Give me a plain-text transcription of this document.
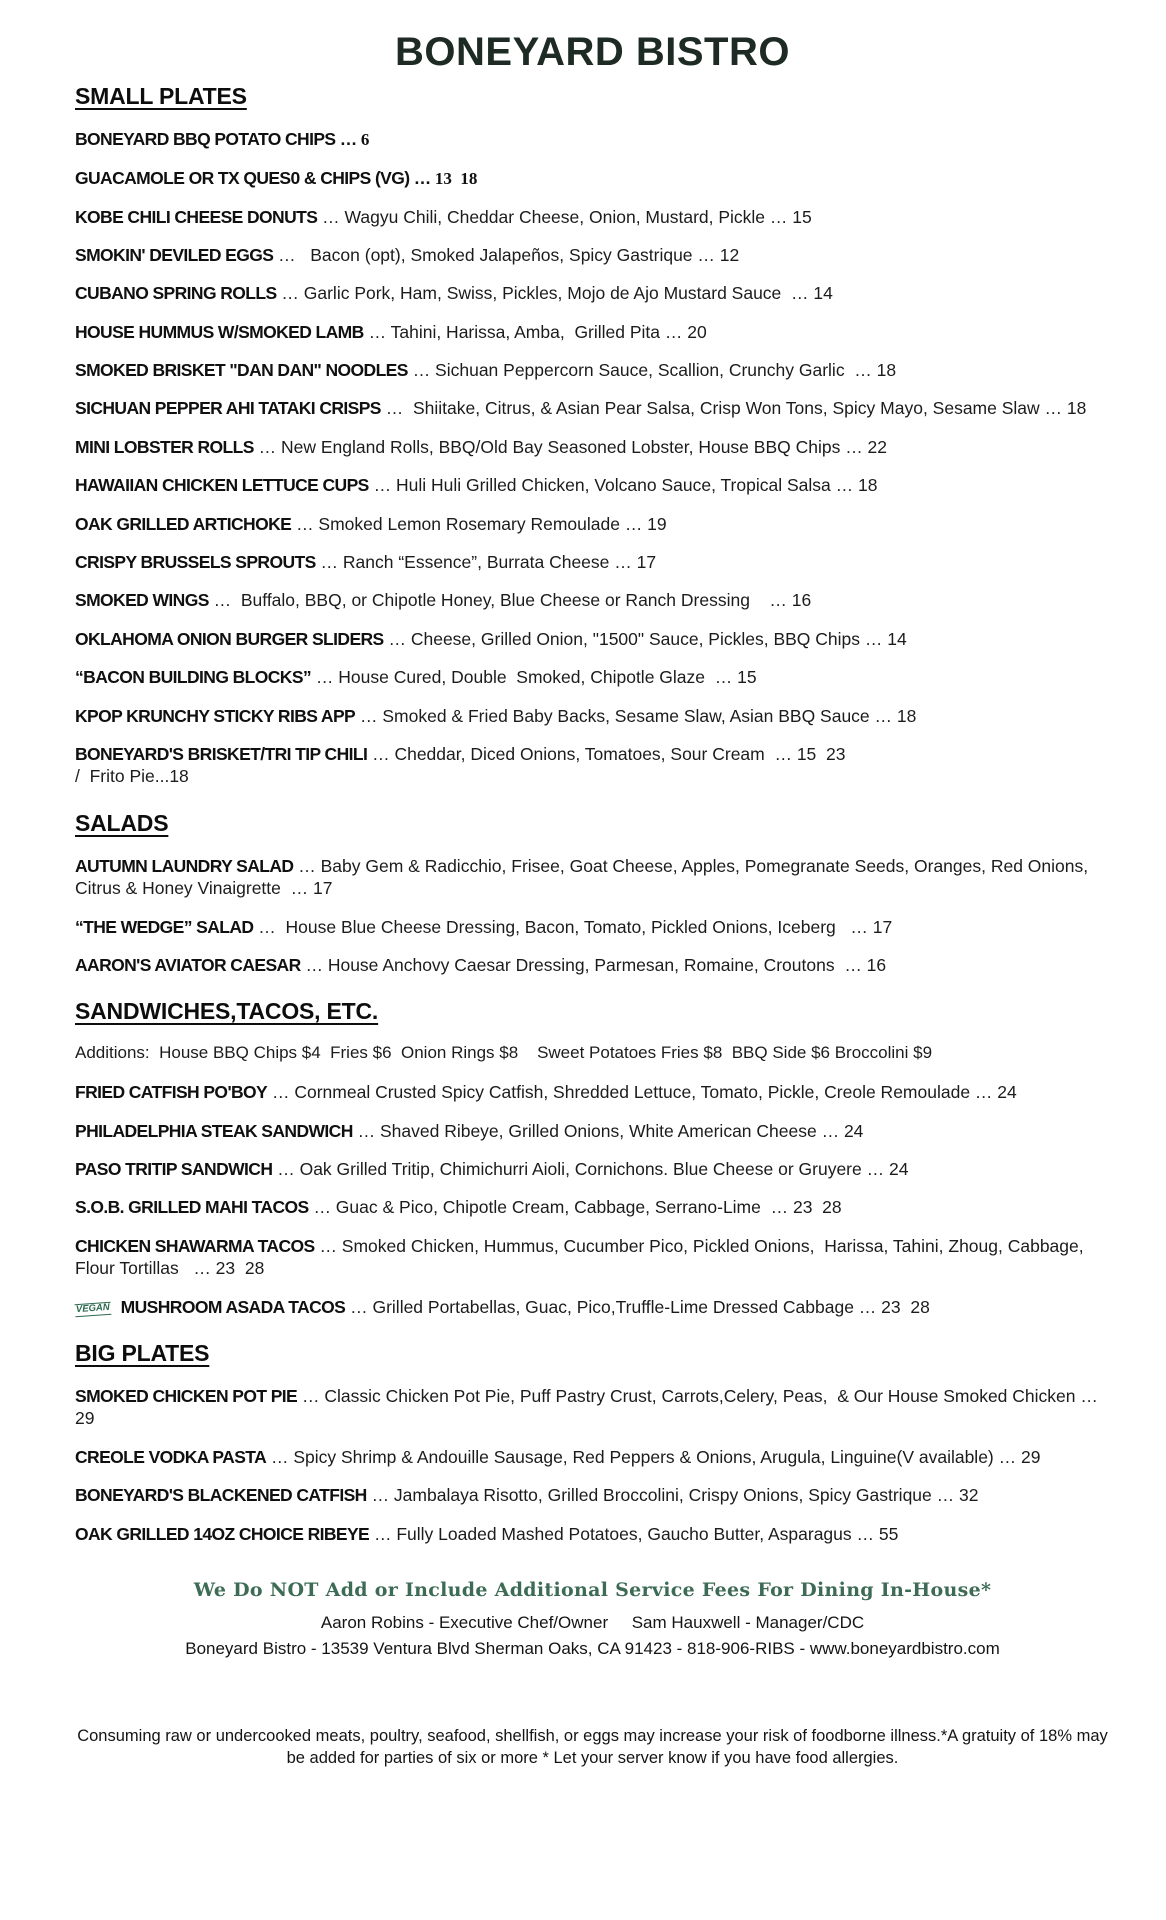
BONEYARD BISTRO
SMALL PLATES
BONEYARD BBQ POTATO CHIPS … 6
GUACAMOLE OR TX QUES0 & CHIPS (VG) … 13  18
KOBE CHILI CHEESE DONUTS … Wagyu Chili, Cheddar Cheese, Onion, Mustard, Pickle … 15
SMOKIN' DEVILED EGGS …   Bacon (opt), Smoked Jalapeños, Spicy Gastrique … 12
CUBANO SPRING ROLLS … Garlic Pork, Ham, Swiss, Pickles, Mojo de Ajo Mustard Sauce  … 14
HOUSE HUMMUS W/SMOKED LAMB … Tahini, Harissa, Amba,  Grilled Pita … 20
SMOKED BRISKET "DAN DAN" NOODLES … Sichuan Peppercorn Sauce, Scallion, Crunchy Garlic  … 18
SICHUAN PEPPER AHI TATAKI CRISPS …  Shiitake, Citrus, & Asian Pear Salsa, Crisp Won Tons, Spicy Mayo, Sesame Slaw … 18
MINI LOBSTER ROLLS … New England Rolls, BBQ/Old Bay Seasoned Lobster, House BBQ Chips … 22
HAWAIIAN CHICKEN LETTUCE CUPS … Huli Huli Grilled Chicken, Volcano Sauce, Tropical Salsa … 18
OAK GRILLED ARTICHOKE … Smoked Lemon Rosemary Remoulade … 19
CRISPY BRUSSELS SPROUTS … Ranch “Essence”, Burrata Cheese … 17
SMOKED WINGS …  Buffalo, BBQ, or Chipotle Honey, Blue Cheese or Ranch Dressing    … 16
OKLAHOMA ONION BURGER SLIDERS … Cheese, Grilled Onion, "1500" Sauce, Pickles, BBQ Chips … 14
“BACON BUILDING BLOCKS” … House Cured, Double  Smoked, Chipotle Glaze  … 15
KPOP KRUNCHY STICKY RIBS APP … Smoked & Fried Baby Backs, Sesame Slaw, Asian BBQ Sauce … 18
BONEYARD'S BRISKET/TRI TIP CHILI … Cheddar, Diced Onions, Tomatoes, Sour Cream  … 15  23
/  Frito Pie...18
SALADS
AUTUMN LAUNDRY SALAD … Baby Gem & Radicchio, Frisee, Goat Cheese, Apples, Pomegranate Seeds, Oranges, Red Onions, Citrus & Honey Vinaigrette  … 17
“THE WEDGE” SALAD …  House Blue Cheese Dressing, Bacon, Tomato, Pickled Onions, Iceberg   … 17
AARON'S AVIATOR CAESAR … House Anchovy Caesar Dressing, Parmesan, Romaine, Croutons  … 16
SANDWICHES,TACOS, ETC.
Additions:  House BBQ Chips $4  Fries $6  Onion Rings $8    Sweet Potatoes Fries $8  BBQ Side $6 Broccolini $9
FRIED CATFISH PO'BOY … Cornmeal Crusted Spicy Catfish, Shredded Lettuce, Tomato, Pickle, Creole Remoulade … 24
PHILADELPHIA STEAK SANDWICH … Shaved Ribeye, Grilled Onions, White American Cheese … 24
PASO TRITIP SANDWICH … Oak Grilled Tritip, Chimichurri Aioli, Cornichons. Blue Cheese or Gruyere … 24
S.O.B. GRILLED MAHI TACOS … Guac & Pico, Chipotle Cream, Cabbage, Serrano-Lime  … 23  28
CHICKEN SHAWARMA TACOS … Smoked Chicken, Hummus, Cucumber Pico, Pickled Onions,  Harissa, Tahini, Zhoug, Cabbage, Flour Tortillas   … 23  28
VEGAN MUSHROOM ASADA TACOS … Grilled Portabellas, Guac, Pico,Truffle-Lime Dressed Cabbage … 23  28
BIG PLATES
SMOKED CHICKEN POT PIE … Classic Chicken Pot Pie, Puff Pastry Crust, Carrots,Celery, Peas,  & Our House Smoked Chicken … 29
CREOLE VODKA PASTA … Spicy Shrimp & Andouille Sausage, Red Peppers & Onions, Arugula, Linguine(V available) … 29
BONEYARD'S BLACKENED CATFISH … Jambalaya Risotto, Grilled Broccolini, Crispy Onions, Spicy Gastrique … 32
OAK GRILLED 14OZ CHOICE RIBEYE … Fully Loaded Mashed Potatoes, Gaucho Butter, Asparagus … 55
We Do NOT Add or Include Additional Service Fees For Dining In-House*
Aaron Robins - Executive Chef/Owner     Sam Hauxwell - Manager/CDC
Boneyard Bistro - 13539 Ventura Blvd Sherman Oaks, CA 91423 - 818-906-RIBS - www.boneyardbistro.com
Consuming raw or undercooked meats, poultry, seafood, shellfish, or eggs may increase your risk of foodborne illness.*A gratuity of 18% may be added for parties of six or more * Let your server know if you have food allergies.
